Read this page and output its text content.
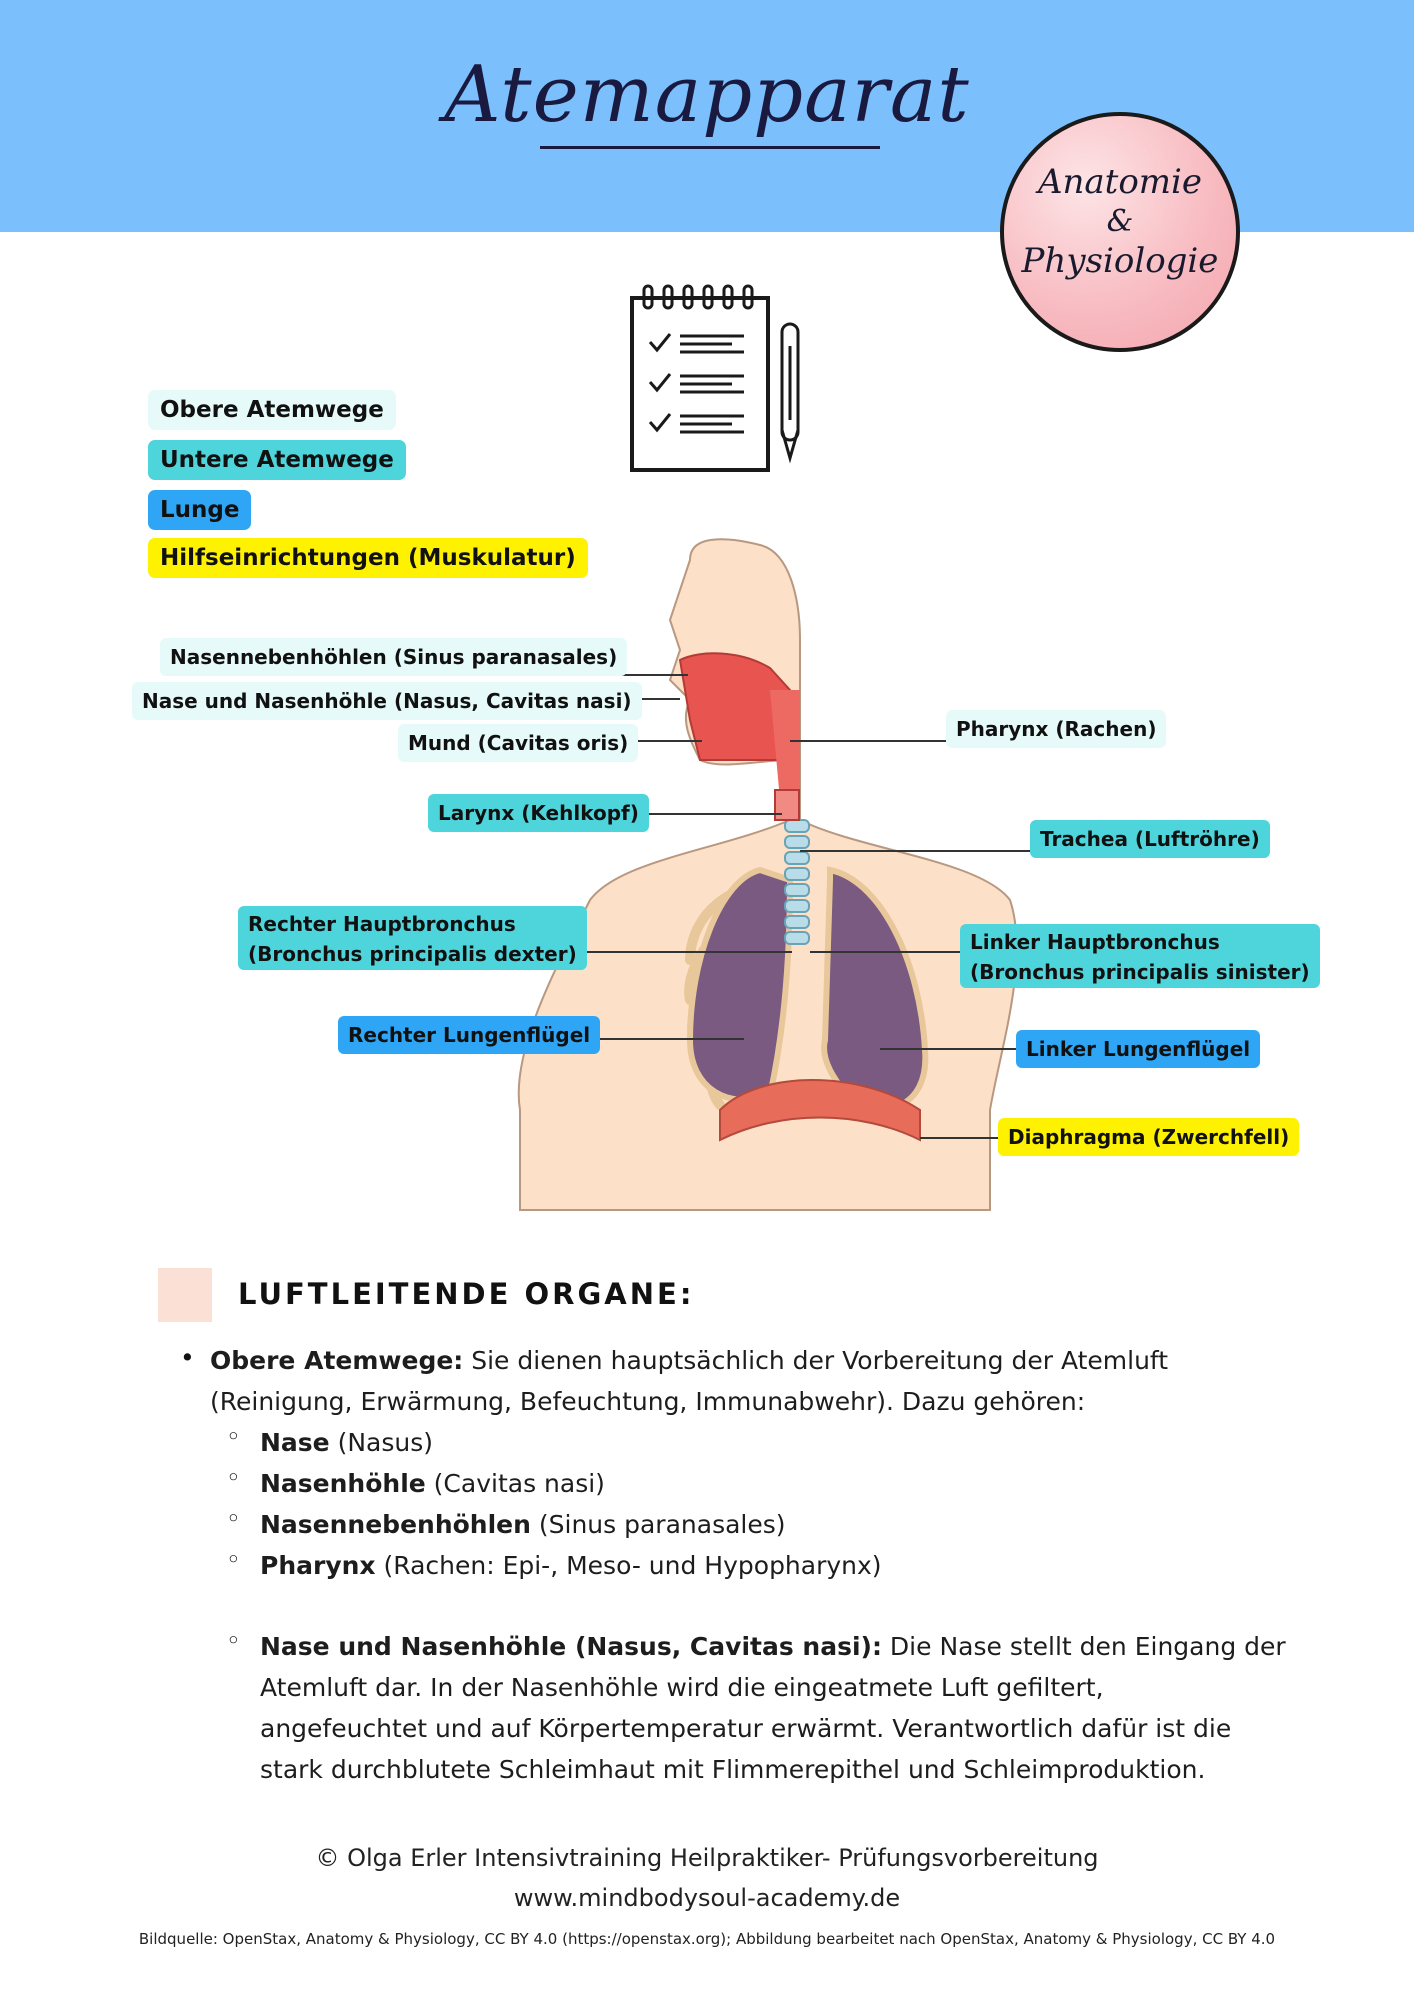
Atemapparat
Anatomie
&
Physiologie
Obere Atemwege
Untere Atemwege
Lunge
Hilfseinrichtungen (Muskulatur)
Nasennebenhöhlen (Sinus paranasales)
Nase und Nasenhöhle (Nasus, Cavitas nasi)
Mund (Cavitas oris)
Larynx (Kehlkopf)
Pharynx (Rachen)
Trachea (Luftröhre)
Rechter Hauptbronchus
(Bronchus principalis dexter)	Linker Hauptbronchus
(Bronchus principalis sinister)
Rechter Lungenflügel
Linker Lungenflügel
Diaphragma (Zwerchfell)
LUFTLEITENDE ORGANE:
• Obere Atemwege: Sie dienen hauptsächlich der Vorbereitung der Atemluft
(Reinigung, Erwärmung, Befeuchtung, Immunabwehr). Dazu gehören:
◦ Nase (Nasus)
◦ Nasenhöhle (Cavitas nasi)
◦ Nasennebenhöhlen (Sinus paranasales)
◦ Pharynx (Rachen: Epi-, Meso- und Hypopharynx)
◦ Nase und Nasenhöhle (Nasus, Cavitas nasi): Die Nase stellt den Eingang der
Atemluft dar. In der Nasenhöhle wird die eingeatmete Luft gefiltert,
angefeuchtet und auf Körpertemperatur erwärmt. Verantwortlich dafür ist die
stark durchblutete Schleimhaut mit Flimmerepithel und Schleimproduktion.
© Olga Erler Intensivtraining Heilpraktiker- Prüfungsvorbereitung
www.mindbodysoul-academy.de
Bildquelle: OpenStax, Anatomy & Physiology, CC BY 4.0 (https://openstax.org); Abbildung bearbeitet nach OpenStax, Anatomy & Physiology, CC BY 4.0
